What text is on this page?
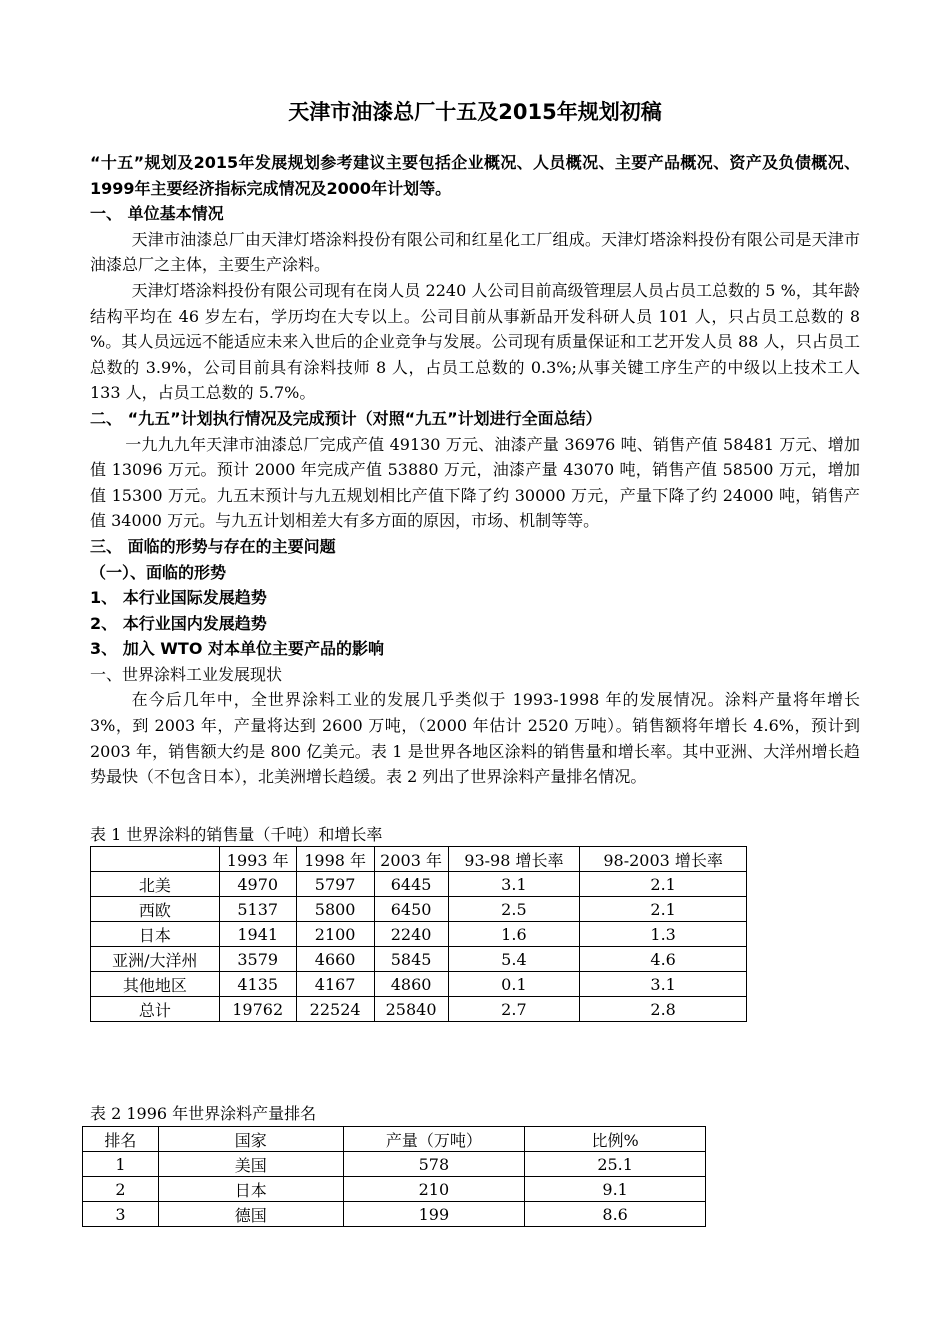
天津市油漆总厂十五及2015年规划初稿

“十五”规划及2015年发展规划参考建议主要包括企业概况、人员概况、主要产品概况、资产及负债概况、1999年主要经济指标完成情况及2000年计划等。

一、 单位基本情况

天津市油漆总厂由天津灯塔涂料投份有限公司和红星化工厂组成。天津灯塔涂料投份有限公司是天津市油漆总厂之主体，主要生产涂料。

天津灯塔涂料投份有限公司现有在岗人员 2240 人公司目前高级管理层人员占员工总数的 5 %，其年龄结构平均在 46 岁左右，学历均在大专以上。公司目前从事新品开发科研人员 101 人，只占员工总数的 8 %。其人员远远不能适应未来入世后的企业竞争与发展。公司现有质量保证和工艺开发人员 88 人，只占员工总数的 3.9%，公司目前具有涂料技师 8 人，占员工总数的 0.3%;从事关键工序生产的中级以上技术工人 133 人，占员工总数的 5.7%。

二、 “九五”计划执行情况及完成预计（对照“九五”计划进行全面总结）

一九九九年天津市油漆总厂完成产值 49130 万元、油漆产量 36976 吨、销售产值 58481 万元、增加值 13096 万元。预计 2000 年完成产值 53880 万元，油漆产量 43070 吨，销售产值 58500 万元，增加值 15300 万元。九五末预计与九五规划相比产值下降了约 30000 万元，产量下降了约 24000 吨，销售产值 34000 万元。与九五计划相差大有多方面的原因，市场、机制等等。

三、 面临的形势与存在的主要问题

（一）、面临的形势

1、 本行业国际发展趋势

2、 本行业国内发展趋势

3、 加入 WTO 对本单位主要产品的影响

一、世界涂料工业发展现状

在今后几年中，全世界涂料工业的发展几乎类似于 1993-1998 年的发展情况。涂料产量将年增长 3%，到 2003 年，产量将达到 2600 万吨，（2000 年估计 2520 万吨）。销售额将年增长 4.6%，预计到 2003 年，销售额大约是 800 亿美元。表 1 是世界各地区涂料的销售量和增长率。其中亚洲、大洋州增长趋势最快（不包含日本），北美洲增长趋缓。表 2 列出了世界涂料产量排名情况。

表 1 世界涂料的销售量（千吨）和增长率
	1993 年	1998 年	2003 年	93-98 增长率	98-2003 增长率
北美	4970	5797	6445	3.1	2.1
西欧	5137	5800	6450	2.5	2.1
日本	1941	2100	2240	1.6	1.3
亚洲/大洋州	3579	4660	5845	5.4	4.6
其他地区	4135	4167	4860	0.1	3.1
总计	19762	22524	25840	2.7	2.8
表 2 1996 年世界涂料产量排名
排名	国家	产量（万吨）	比例%
1	美国	578	25.1
2	日本	210	9.1
3	德国	199	8.6
